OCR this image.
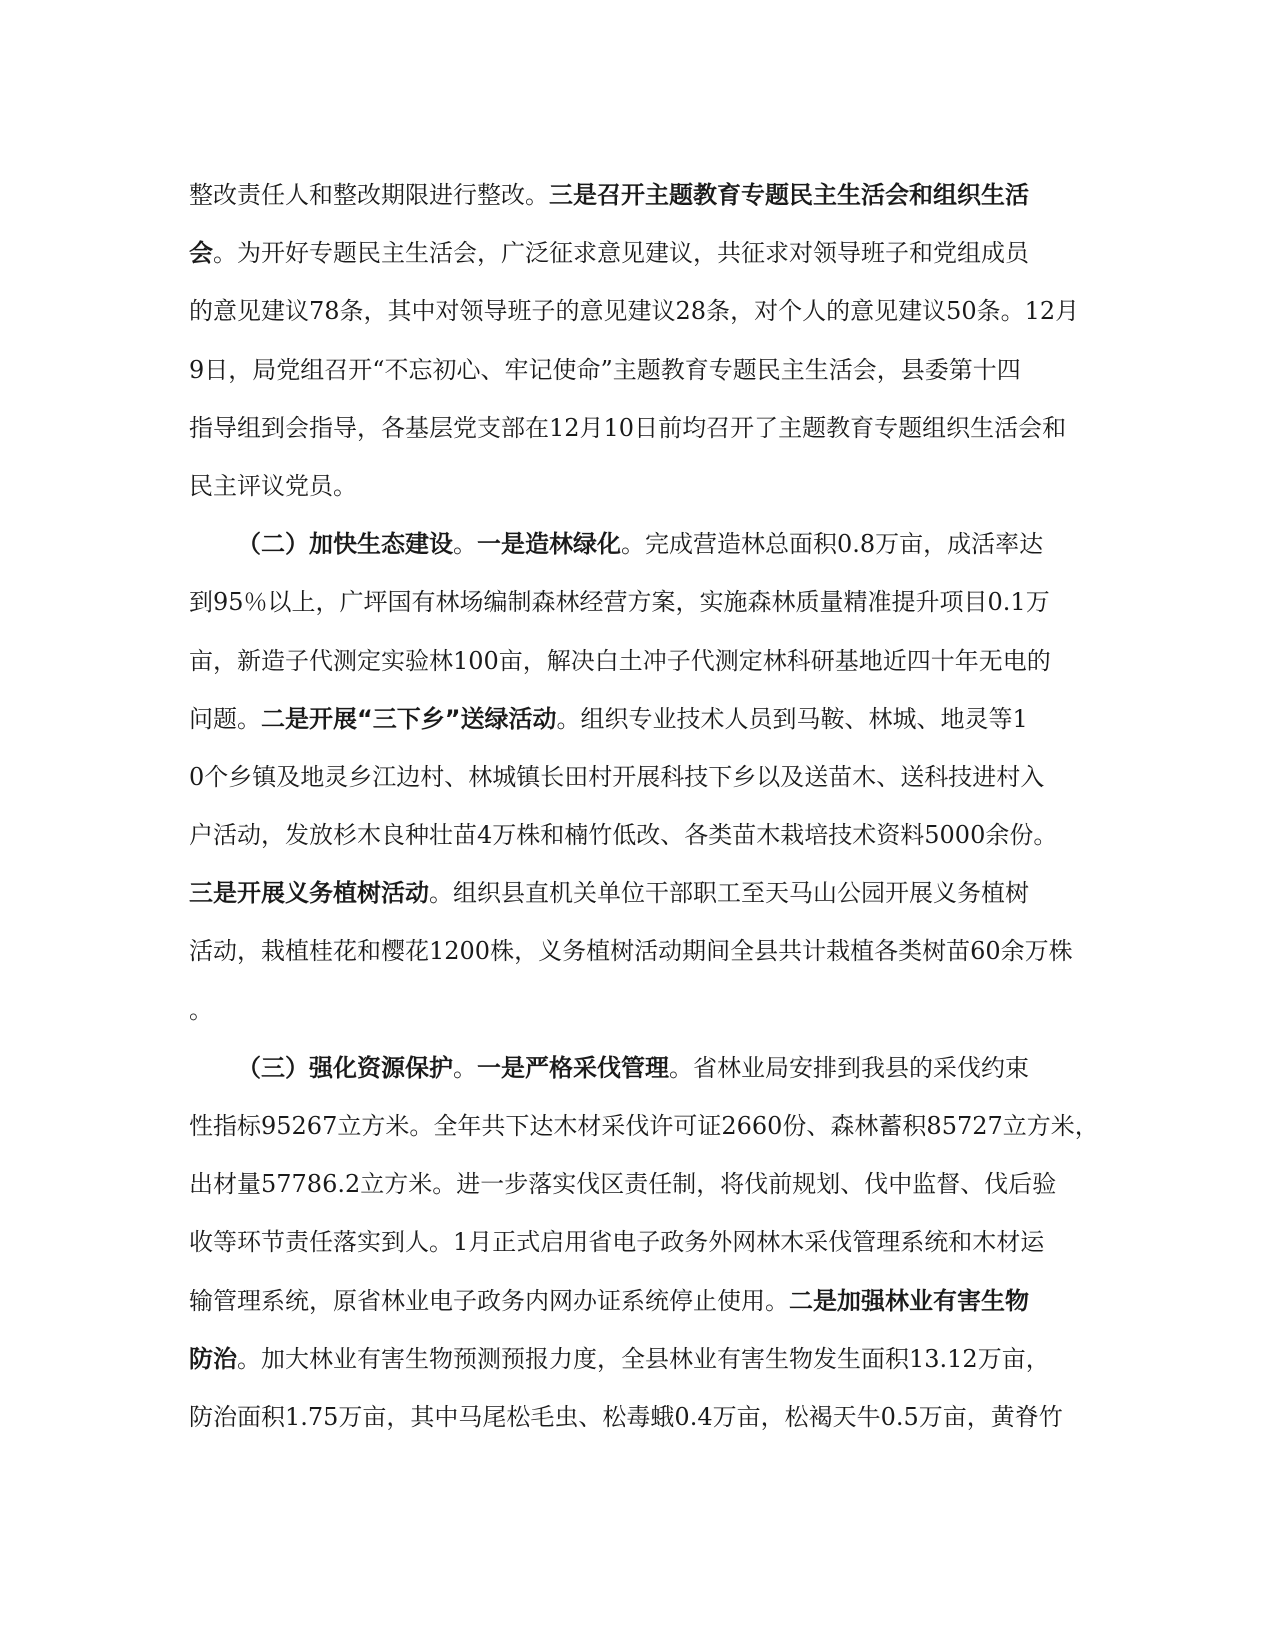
整改责任人和整改期限进行整改。三是召开主题教育专题民主生活会和组织生活
会。为开好专题民主生活会，广泛征求意见建议，共征求对领导班子和党组成员
的意见建议78条，其中对领导班子的意见建议28条，对个人的意见建议50条。12月
9日，局党组召开“不忘初心、牢记使命”主题教育专题民主生活会，县委第十四
指导组到会指导，各基层党支部在12月10日前均召开了主题教育专题组织生活会和
民主评议党员。
（二）加快生态建设。一是造林绿化。完成营造林总面积0.8万亩，成活率达
到95％以上，广坪国有林场编制森林经营方案，实施森林质量精准提升项目0.1万
亩，新造子代测定实验林100亩，解决白土冲子代测定林科研基地近四十年无电的
问题。二是开展“三下乡”送绿活动。组织专业技术人员到马鞍、林城、地灵等1
0个乡镇及地灵乡江边村、林城镇长田村开展科技下乡以及送苗木、送科技进村入
户活动，发放杉木良种壮苗4万株和楠竹低改、各类苗木栽培技术资料5000余份。
三是开展义务植树活动。组织县直机关单位干部职工至天马山公园开展义务植树
活动，栽植桂花和樱花1200株，义务植树活动期间全县共计栽植各类树苗60余万株
。
（三）强化资源保护。一是严格采伐管理。省林业局安排到我县的采伐约束
性指标95267立方米。全年共下达木材采伐许可证2660份、森林蓄积85727立方米，
出材量57786.2立方米。进一步落实伐区责任制，将伐前规划、伐中监督、伐后验
收等环节责任落实到人。1月正式启用省电子政务外网林木采伐管理系统和木材运
输管理系统，原省林业电子政务内网办证系统停止使用。二是加强林业有害生物
防治。加大林业有害生物预测预报力度，全县林业有害生物发生面积13.12万亩，
防治面积1.75万亩，其中马尾松毛虫、松毒蛾0.4万亩，松褐天牛0.5万亩，黄脊竹
